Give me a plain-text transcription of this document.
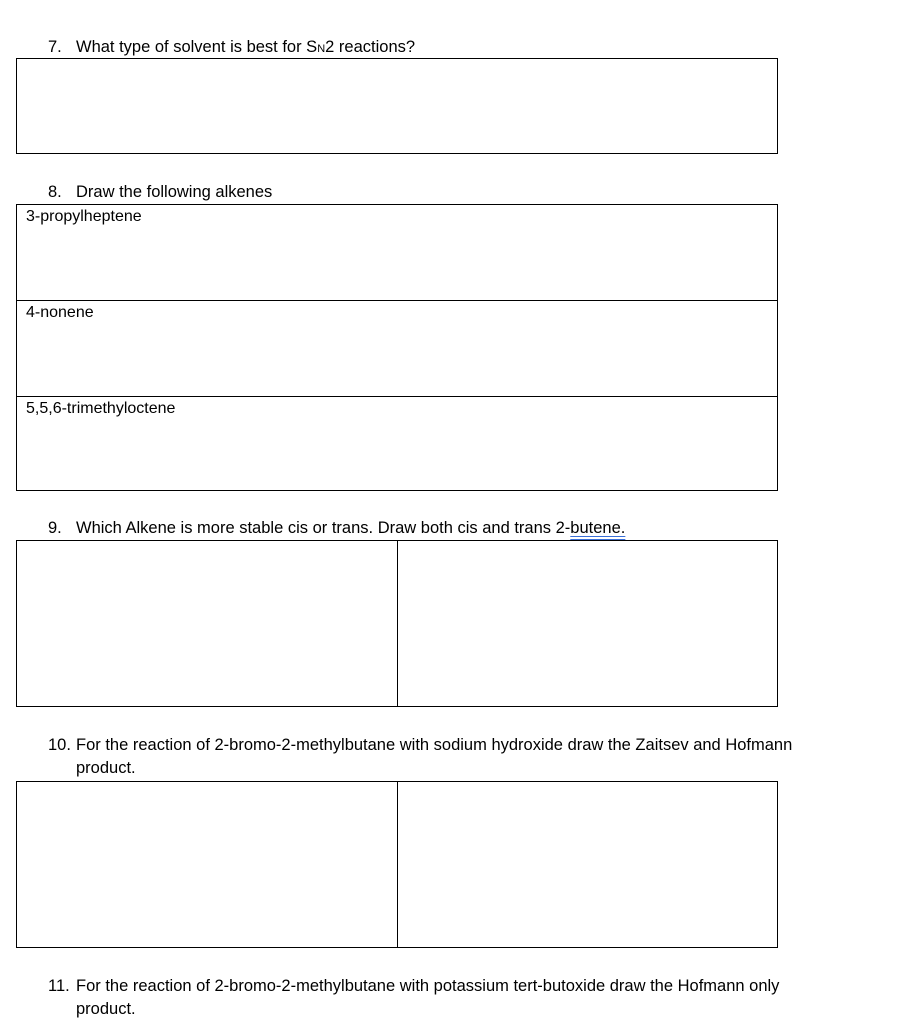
7. What type of solvent is best for SN2 reactions?
8. Draw the following alkenes
3-propylheptene
4-nonene
5,5,6-trimethyloctene
9. Which Alkene is more stable cis or trans. Draw both cis and trans 2-butene.
10. For the reaction of 2-bromo-2-methylbutane with sodium hydroxide draw the Zaitsev and Hofmann
product.
11. For the reaction of 2-bromo-2-methylbutane with potassium tert-butoxide draw the Hofmann only
product.
